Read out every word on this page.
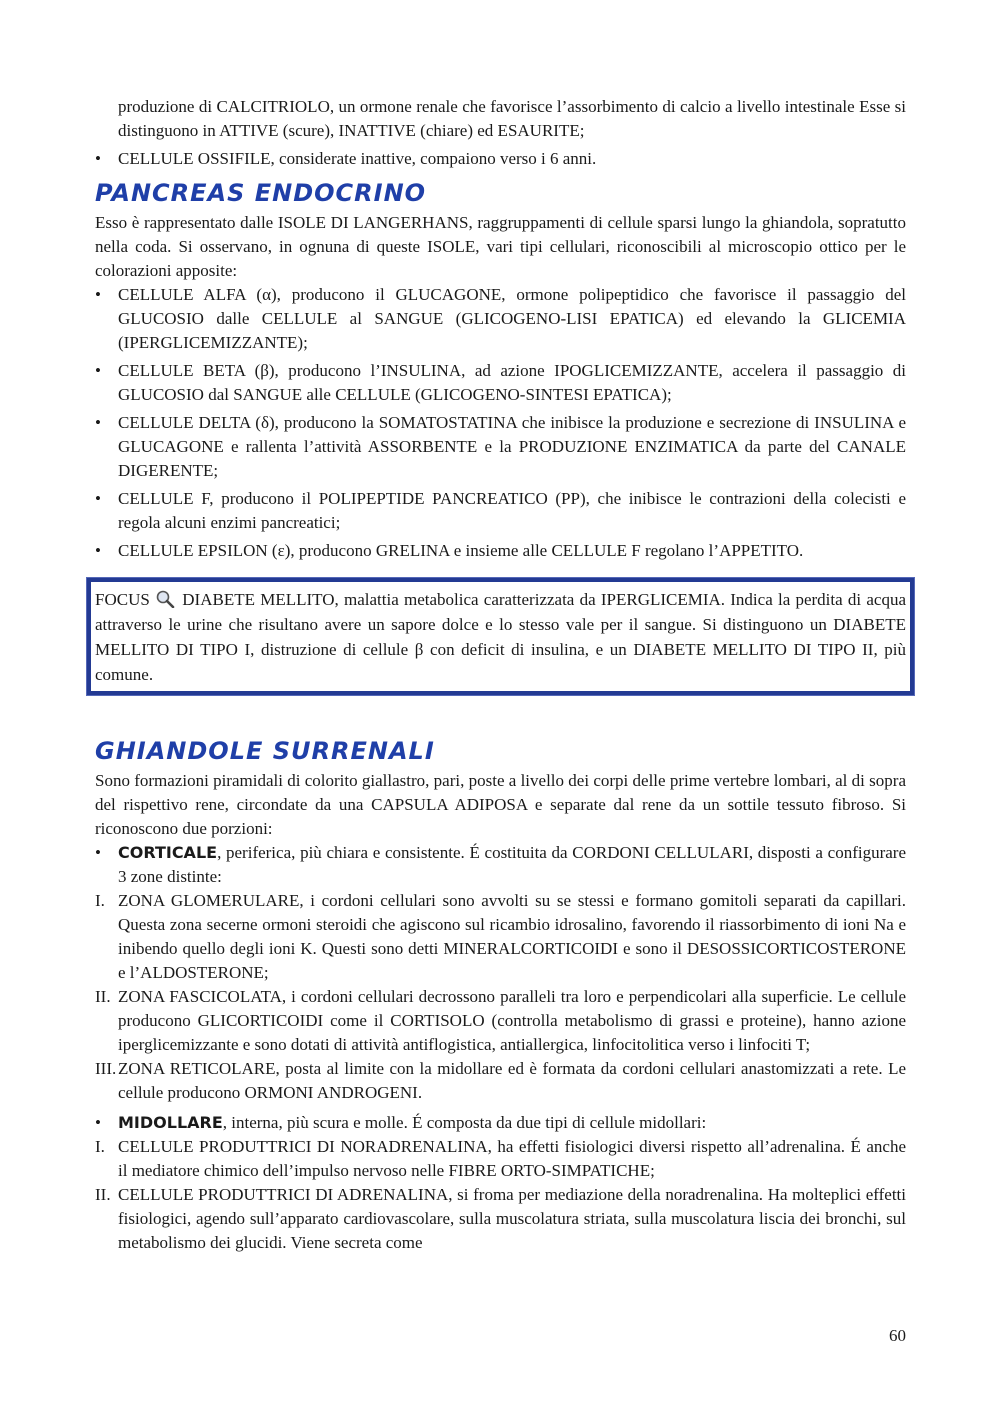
produzione di CALCITRIOLO, un ormone renale che favorisce l’assorbimento di calcio a livello intestinale Esse si distinguono in ATTIVE (scure), INATTIVE (chiare) ed ESAURITE;

•
CELLULE OSSIFILE, considerate inattive, compaiono verso i 6 anni.
PANCREAS ENDOCRINO

Esso è rappresentato dalle ISOLE DI LANGERHANS, raggruppamenti di cellule sparsi lungo la ghiandola, sopratutto nella coda. Si osservano, in ognuna di queste ISOLE, vari tipi cellulari, riconoscibili al microscopio ottico per le colorazioni apposite:

•
CELLULE ALFA (α), producono il GLUCAGONE, ormone polipeptidico che favorisce il passaggio del GLUCOSIO dalle CELLULE al SANGUE (GLICOGENO-LISI EPATICA) ed elevando la GLICEMIA (IPERGLICEMIZZANTE);
•
CELLULE BETA (β), producono l’INSULINA, ad azione IPOGLICEMIZZANTE, accelera il passaggio di GLUCOSIO dal SANGUE alle CELLULE (GLICOGENO-SINTESI EPATICA);
•
CELLULE DELTA (δ), producono la SOMATOSTATINA che inibisce la produzione e secrezione di INSULINA e GLUCAGONE e rallenta l’attività ASSORBENTE e la PRODUZIONE ENZIMATICA da parte del CANALE DIGERENTE;
•
CELLULE F, producono il POLIPEPTIDE PANCREATICO (PP), che inibisce le contrazioni della colecisti e regola alcuni enzimi pancreatici;
•
CELLULE EPSILON (ε), producono GRELINA e insieme alle CELLULE F regolano l’APPETITO.

FOCUS DIABETE MELLITO, malattia metabolica caratterizzata da IPERGLICEMIA. Indica la perdita di acqua attraverso le urine che risultano avere un sapore dolce e lo stesso vale per il sangue. Si distinguono un DIABETE MELLITO DI TIPO I, distruzione di cellule β con deficit di insulina, e un DIABETE MELLITO DI TIPO II, più comune.

GHIANDOLE SURRENALI

Sono formazioni piramidali di colorito giallastro, pari, poste a livello dei corpi delle prime vertebre lombari, al di sopra del rispettivo rene, circondate da una CAPSULA ADIPOSA e separate dal rene da un sottile tessuto fibroso. Si riconoscono due porzioni:

•
CORTICALE, periferica, più chiara e consistente. É costituita da CORDONI CELLULARI, disposti a configurare 3 zone distinte:
I. ZONA GLOMERULARE, i cordoni cellulari sono avvolti su se stessi e formano gomitoli separati da capillari. Questa zona secerne ormoni steroidi che agiscono sul ricambio idrosalino, favorendo il riassorbimento di ioni Na e inibendo quello degli ioni K. Questi sono detti MINERALCORTICOIDI e sono il DESOSSICORTICOSTERONE e l’ALDOSTERONE;
II. ZONA FASCICOLATA, i cordoni cellulari decrossono paralleli tra loro e perpendicolari alla superficie. Le cellule producono GLICORTICOIDI come il CORTISOLO (controlla metabolismo di grassi e proteine), hanno azione iperglicemizzante e sono dotati di attività antiflogistica, antiallergica, linfocitolitica verso i linfociti T;
III. ZONA RETICOLARE, posta al limite con la midollare ed è formata da cordoni cellulari anastomizzati a rete. Le cellule producono ORMONI ANDROGENI.
•
MIDOLLARE, interna, più scura e molle. É composta da due tipi di cellule midollari:
I. CELLULE PRODUTTRICI DI NORADRENALINA, ha effetti fisiologici diversi rispetto all’adrenalina. É anche il mediatore chimico dell’impulso nervoso nelle FIBRE ORTO-SIMPATICHE;
II. CELLULE PRODUTTRICI DI ADRENALINA, si froma per mediazione della noradrenalina. Ha molteplici effetti fisiologici, agendo sull’apparato cardiovascolare, sulla muscolatura striata, sulla muscolatura liscia dei bronchi, sul metabolismo dei glucidi. Viene secreta come
60
